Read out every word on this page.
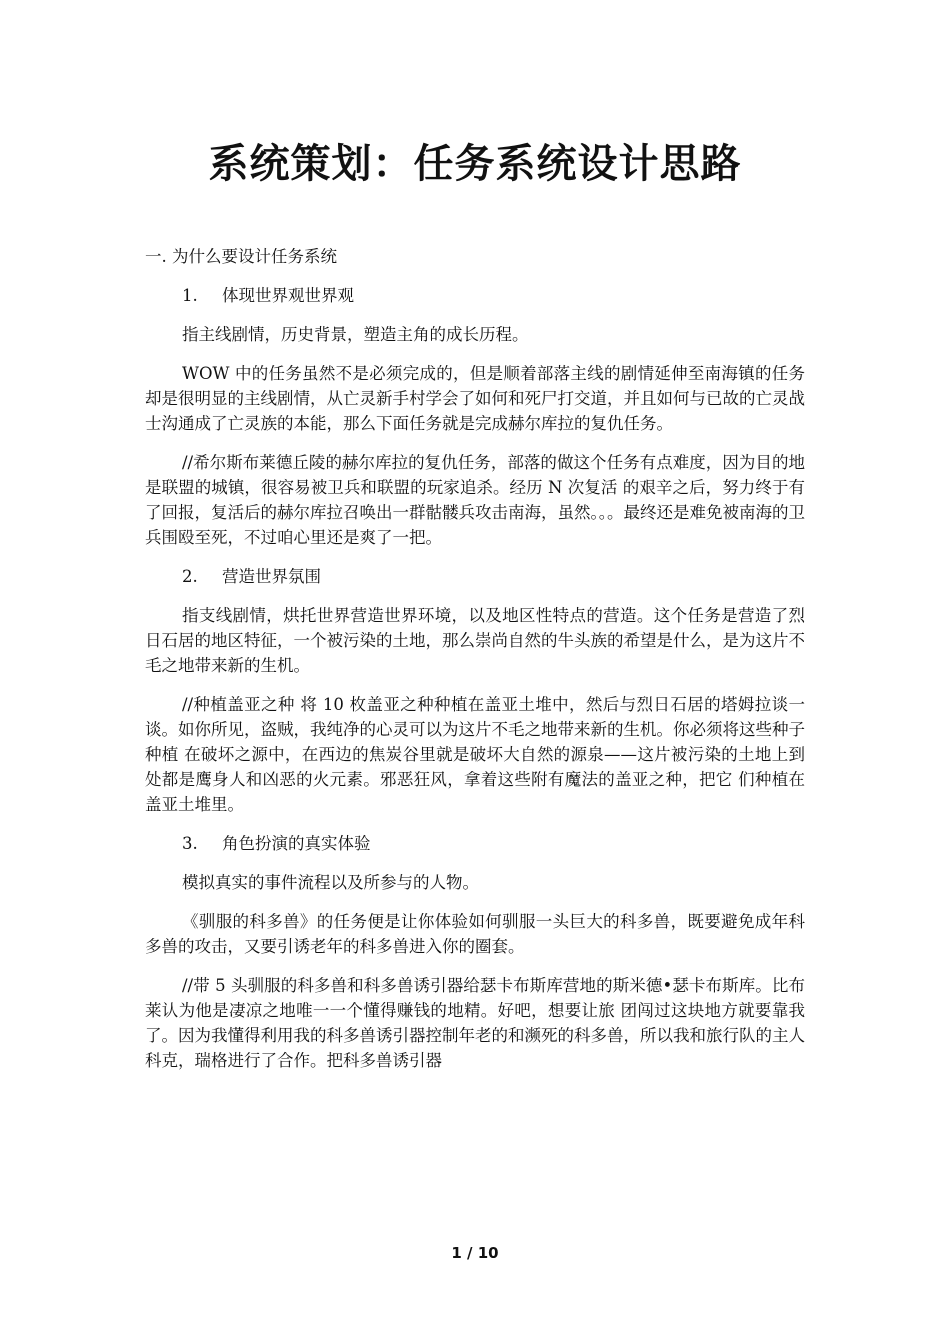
系统策划：任务系统设计思路

一. 为什么要设计任务系统

1. 体现世界观世界观

指主线剧情，历史背景，塑造主角的成长历程。

WOW 中的任务虽然不是必须完成的，但是顺着部落主线的剧情延伸至南海镇的任务却是很明显的主线剧情，从亡灵新手村学会了如何和死尸打交道，并且如何与已故的亡灵战士沟通成了亡灵族的本能，那么下面任务就是完成赫尔库拉的复仇任务。

//希尔斯布莱德丘陵的赫尔库拉的复仇任务，部落的做这个任务有点难度，因为目的地是联盟的城镇，很容易被卫兵和联盟的玩家追杀。经历 N 次复活 的艰辛之后，努力终于有了回报，复活后的赫尔库拉召唤出一群骷髅兵攻击南海，虽然。。。最终还是难免被南海的卫兵围殴至死，不过咱心里还是爽了一把。

2. 营造世界氛围

指支线剧情，烘托世界营造世界环境，以及地区性特点的营造。这个任务是营造了烈日石居的地区特征，一个被污染的土地，那么崇尚自然的牛头族的希望是什么，是为这片不毛之地带来新的生机。

//种植盖亚之种 将 10 枚盖亚之种种植在盖亚土堆中，然后与烈日石居的塔姆拉谈一谈。如你所见，盗贼，我纯净的心灵可以为这片不毛之地带来新的生机。你必须将这些种子种植 在破坏之源中，在西边的焦炭谷里就是破坏大自然的源泉——这片被污染的土地上到处都是鹰身人和凶恶的火元素。邪恶狂风，拿着这些附有魔法的盖亚之种，把它 们种植在盖亚土堆里。

3. 角色扮演的真实体验

模拟真实的事件流程以及所参与的人物。

《驯服的科多兽》的任务便是让你体验如何驯服一头巨大的科多兽，既要避免成年科多兽的攻击，又要引诱老年的科多兽进入你的圈套。

//带 5 头驯服的科多兽和科多兽诱引器给瑟卡布斯库营地的斯米德•瑟卡布斯库。比布莱认为他是凄凉之地唯一一个懂得赚钱的地精。好吧，想要让旅 团闯过这块地方就要靠我了。因为我懂得利用我的科多兽诱引器控制年老的和濒死的科多兽，所以我和旅行队的主人科克，瑞格进行了合作。把科多兽诱引器

1 / 10
